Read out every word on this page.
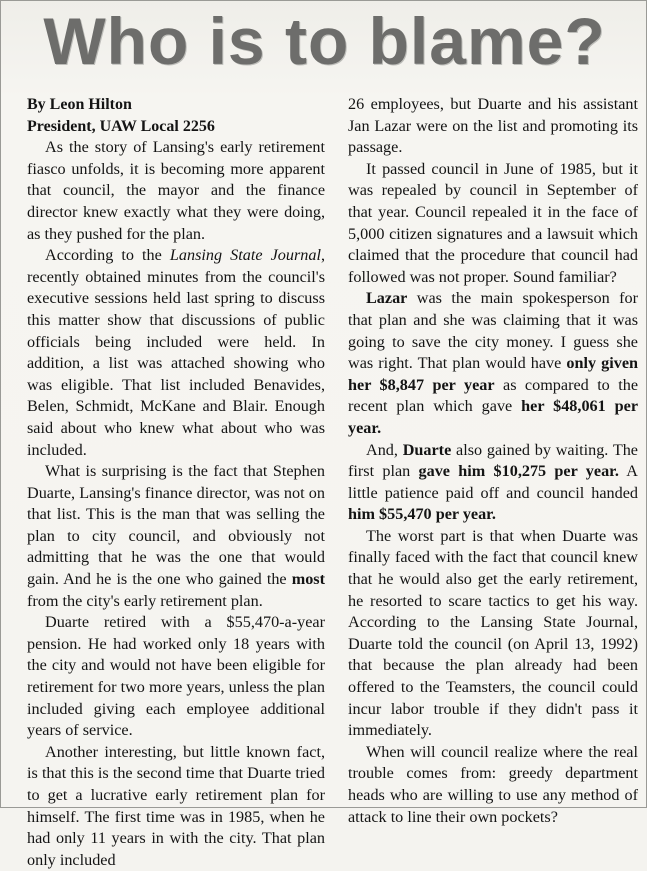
Who is to blame?
By Leon Hilton
President, UAW Local 2256

As the story of Lansing's early retirement fiasco unfolds, it is becoming more apparent that council, the mayor and the finance director knew exactly what they were doing, as they pushed for the plan.

According to the Lansing State Journal, recently obtained minutes from the council's executive sessions held last spring to discuss this matter show that discussions of public officials being included were held. In addition, a list was attached showing who was eligible. That list included Benavides, Belen, Schmidt, McKane and Blair. Enough said about who knew what about who was included.

What is surprising is the fact that Stephen Duarte, Lansing's finance director, was not on that list. This is the man that was selling the plan to city council, and obviously not admitting that he was the one that would gain. And he is the one who gained the most from the city's early retirement plan.

Duarte retired with a $55,470-a-year pension. He had worked only 18 years with the city and would not have been eligible for retirement for two more years, unless the plan included giving each employee additional years of service.

Another interesting, but little known fact, is that this is the second time that Duarte tried to get a lucrative early retirement plan for himself. The first time was in 1985, when he had only 11 years in with the city. That plan only included

26 employees, but Duarte and his assistant Jan Lazar were on the list and promoting its passage.

It passed council in June of 1985, but it was repealed by council in September of that year. Council repealed it in the face of 5,000 citizen signatures and a lawsuit which claimed that the procedure that council had followed was not proper. Sound familiar?

Lazar was the main spokesperson for that plan and she was claiming that it was going to save the city money. I guess she was right. That plan would have only given her $8,847 per year as compared to the recent plan which gave her $48,061 per year.

And, Duarte also gained by waiting. The first plan gave him $10,275 per year. A little patience paid off and council handed him $55,470 per year.

The worst part is that when Duarte was finally faced with the fact that council knew that he would also get the early retirement, he resorted to scare tactics to get his way. According to the Lansing State Journal, Duarte told the council (on April 13, 1992) that because the plan already had been offered to the Teamsters, the council could incur labor trouble if they didn't pass it immediately.

When will council realize where the real trouble comes from: greedy department heads who are willing to use any method of attack to line their own pockets?
